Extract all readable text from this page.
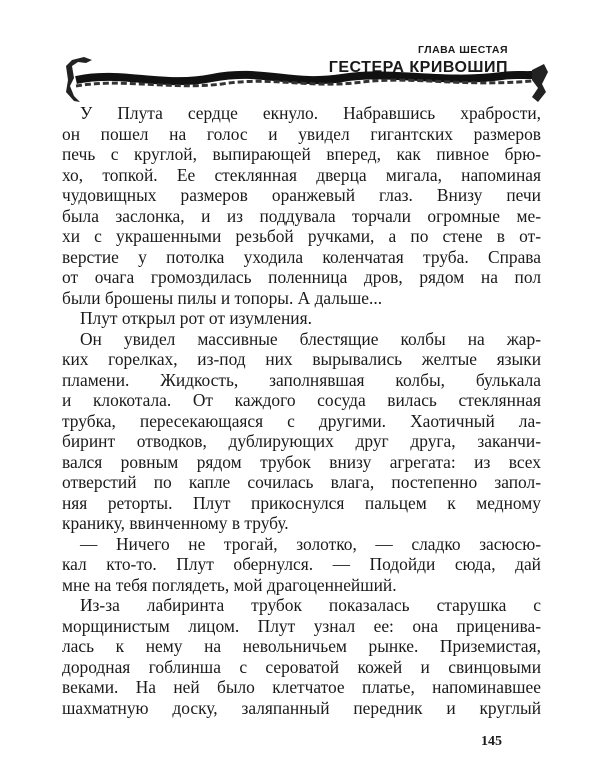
ГЛАВА ШЕСТАЯ
ГЕСТЕРА КРИВОШИП
У Плута сердце екнуло. Набравшись храбрости,
он пошел на голос и увидел гигантских размеров
печь с круглой, выпирающей вперед, как пивное брю-
хо, топкой. Ее стеклянная дверца мигала, напоминая
чудовищных размеров оранжевый глаз. Внизу печи
была заслонка, и из поддувала торчали огромные ме-
хи с украшенными резьбой ручками, а по стене в от-
верстие у потолка уходила коленчатая труба. Справа
от очага громоздилась поленница дров, рядом на пол
были брошены пилы и топоры. А дальше...
Плут открыл рот от изумления.
Он увидел массивные блестящие колбы на жар-
ких горелках, из-под них вырывались желтые языки
пламени. Жидкость, заполнявшая колбы, булькала
и клокотала. От каждого сосуда вилась стеклянная
трубка, пересекающаяся с другими. Хаотичный ла-
биринт отводков, дублирующих друг друга, заканчи-
вался ровным рядом трубок внизу агрегата: из всех
отверстий по капле сочилась влага, постепенно запол-
няя реторты. Плут прикоснулся пальцем к медному
кранику, ввинченному в трубу.
— Ничего не трогай, золотко, — сладко засюсю-
кал кто-то. Плут обернулся. — Подойди сюда, дай
мне на тебя поглядеть, мой драгоценнейший.
Из-за лабиринта трубок показалась старушка с
морщинистым лицом. Плут узнал ее: она приценива-
лась к нему на невольничьем рынке. Приземистая,
дородная гоблинша с сероватой кожей и свинцовыми
веками. На ней было клетчатое платье, напоминавшее
шахматную доску, заляпанный передник и круглый
145
